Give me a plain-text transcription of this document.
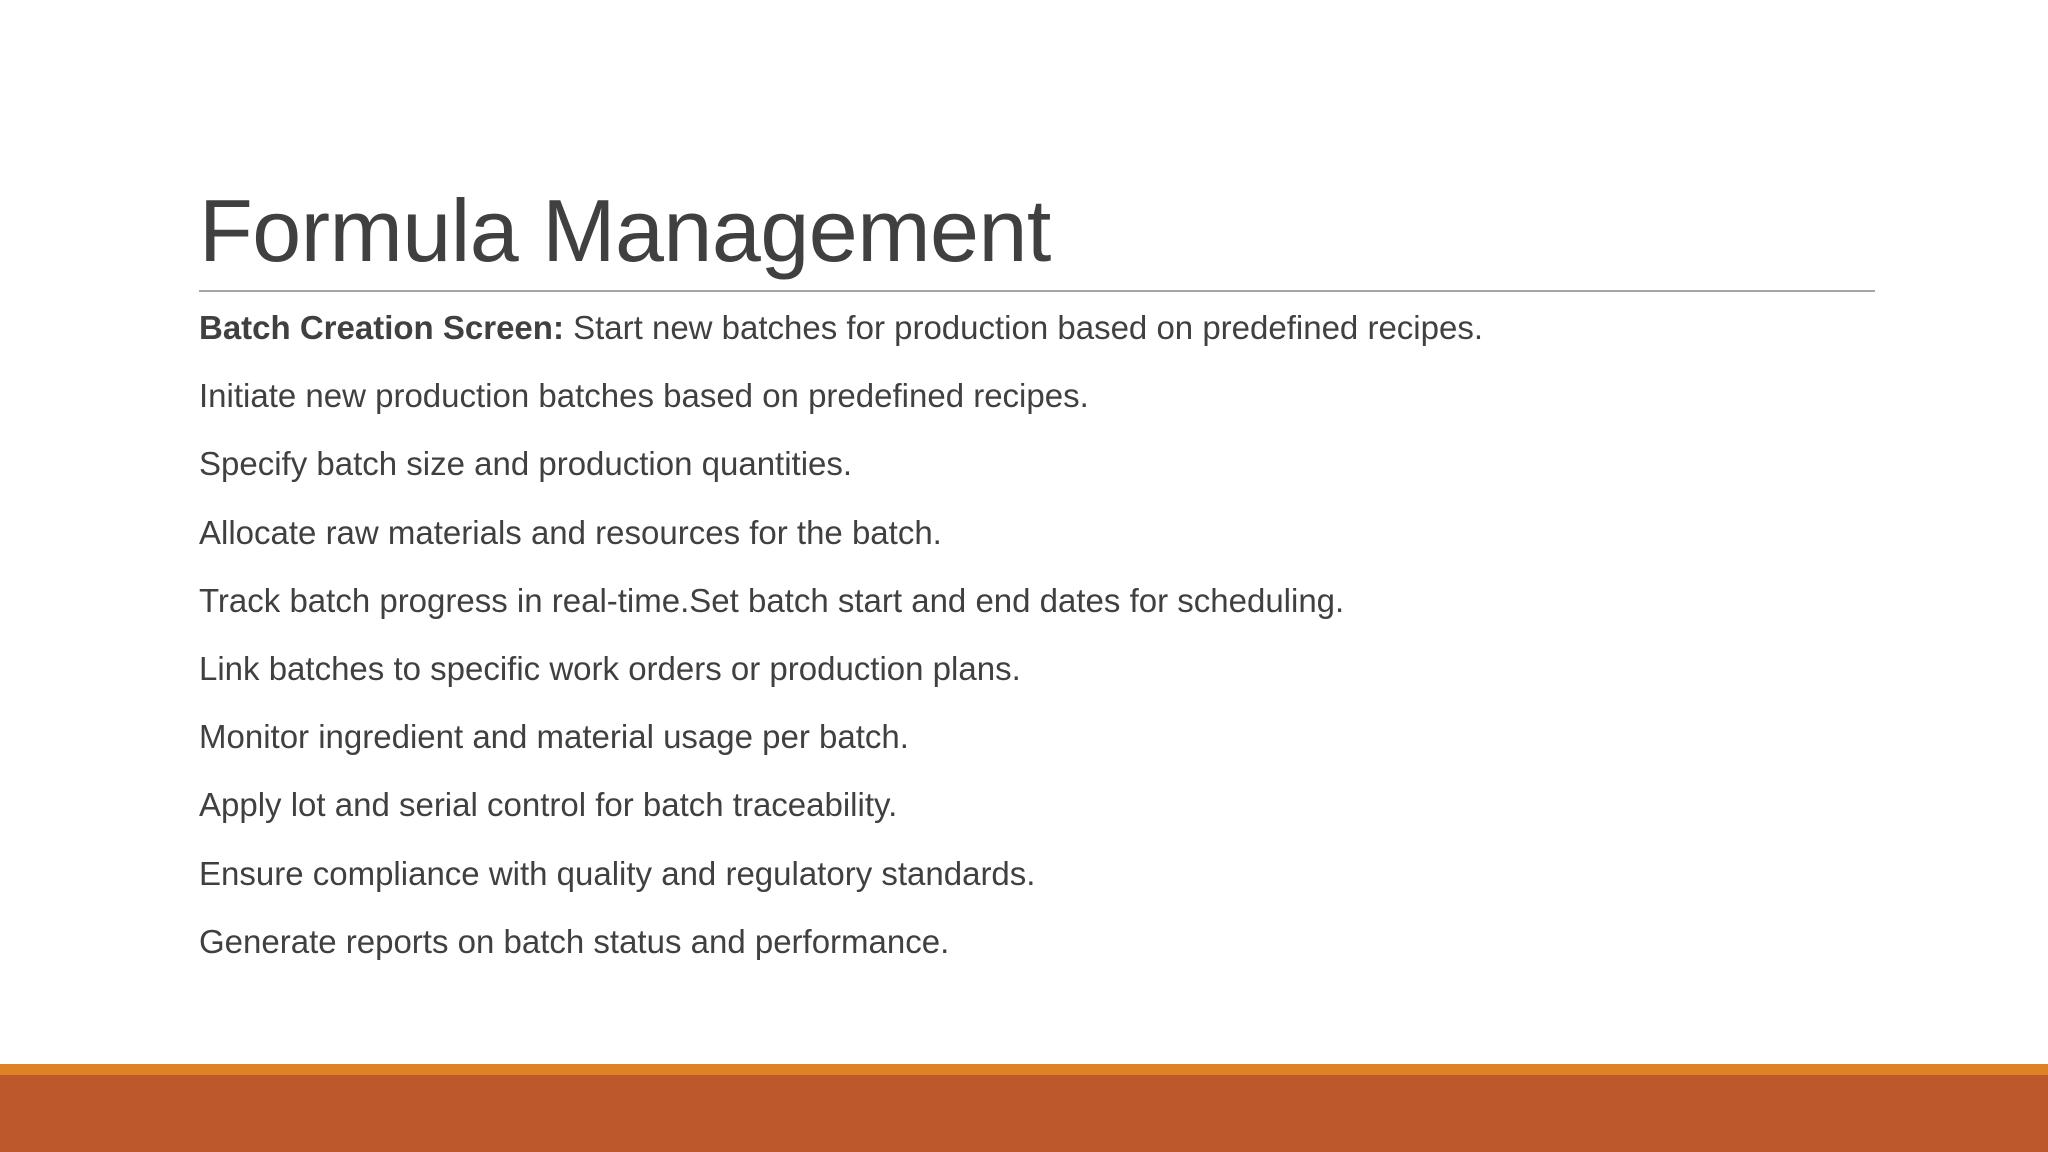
Formula Management
Batch Creation Screen: Start new batches for production based on predefined recipes.
Initiate new production batches based on predefined recipes.
Specify batch size and production quantities.
Allocate raw materials and resources for the batch.
Track batch progress in real-time.Set batch start and end dates for scheduling.
Link batches to specific work orders or production plans.
Monitor ingredient and material usage per batch.
Apply lot and serial control for batch traceability.
Ensure compliance with quality and regulatory standards.
Generate reports on batch status and performance.
